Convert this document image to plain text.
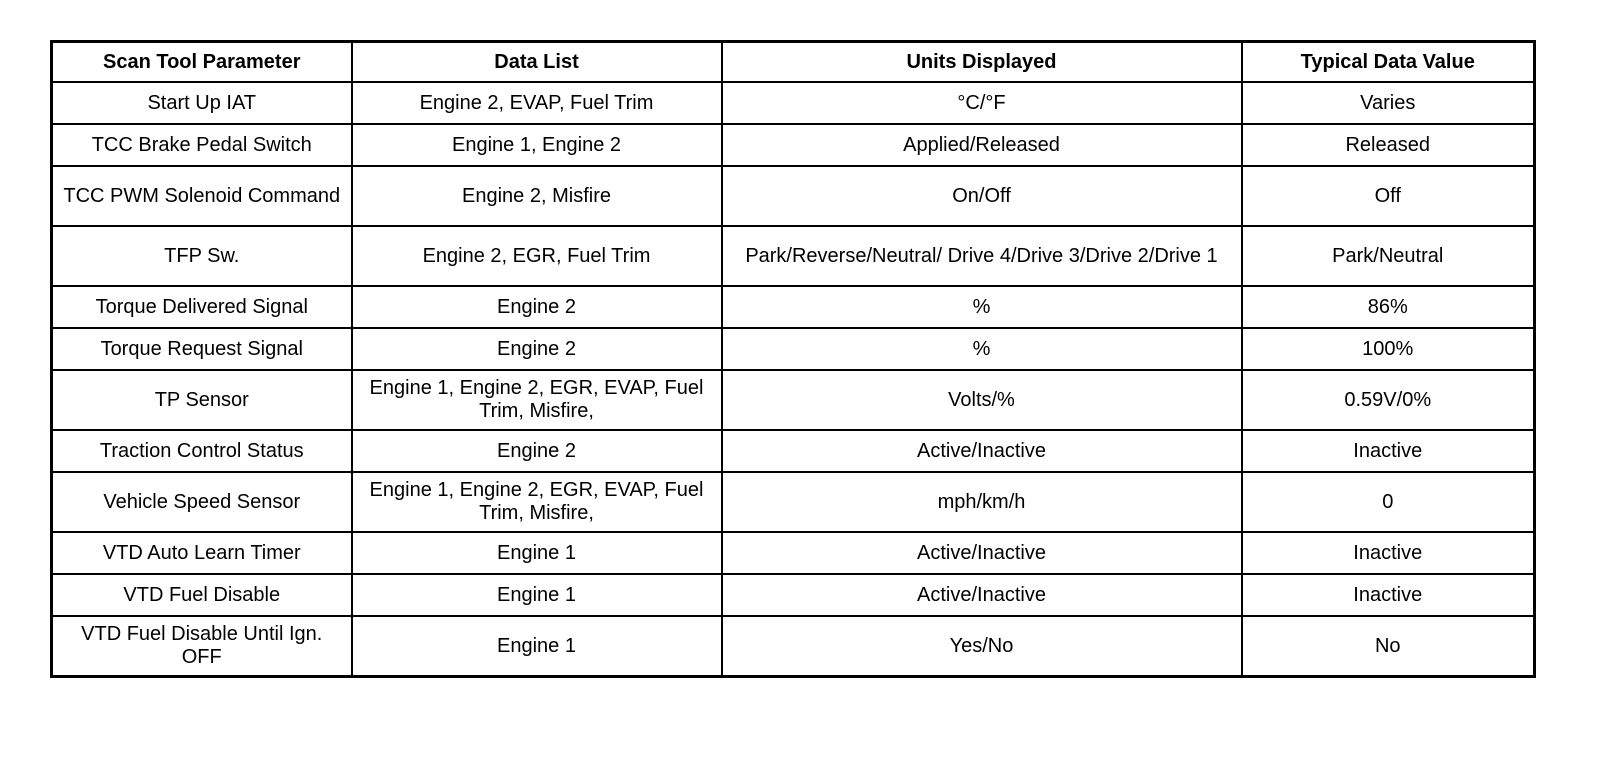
Scan Tool Parameter	Data List	Units Displayed	Typical Data Value
Start Up IAT	Engine 2, EVAP, Fuel Trim	°C/°F	Varies
TCC Brake Pedal Switch	Engine 1, Engine 2	Applied/Released	Released
TCC PWM Solenoid Command	Engine 2, Misfire	On/Off	Off
TFP Sw.	Engine 2, EGR, Fuel Trim	Park/Reverse/Neutral/ Drive 4/Drive 3/Drive 2/Drive 1	Park/Neutral
Torque Delivered Signal	Engine 2	%	86%
Torque Request Signal	Engine 2	%	100%
TP Sensor	Engine 1, Engine 2, EGR, EVAP, Fuel Trim, Misfire,	Volts/%	0.59V/0%
Traction Control Status	Engine 2	Active/Inactive	Inactive
Vehicle Speed Sensor	Engine 1, Engine 2, EGR, EVAP, Fuel Trim, Misfire,	mph/km/h	0
VTD Auto Learn Timer	Engine 1	Active/Inactive	Inactive
VTD Fuel Disable	Engine 1	Active/Inactive	Inactive
VTD Fuel Disable Until Ign. OFF	Engine 1	Yes/No	No
